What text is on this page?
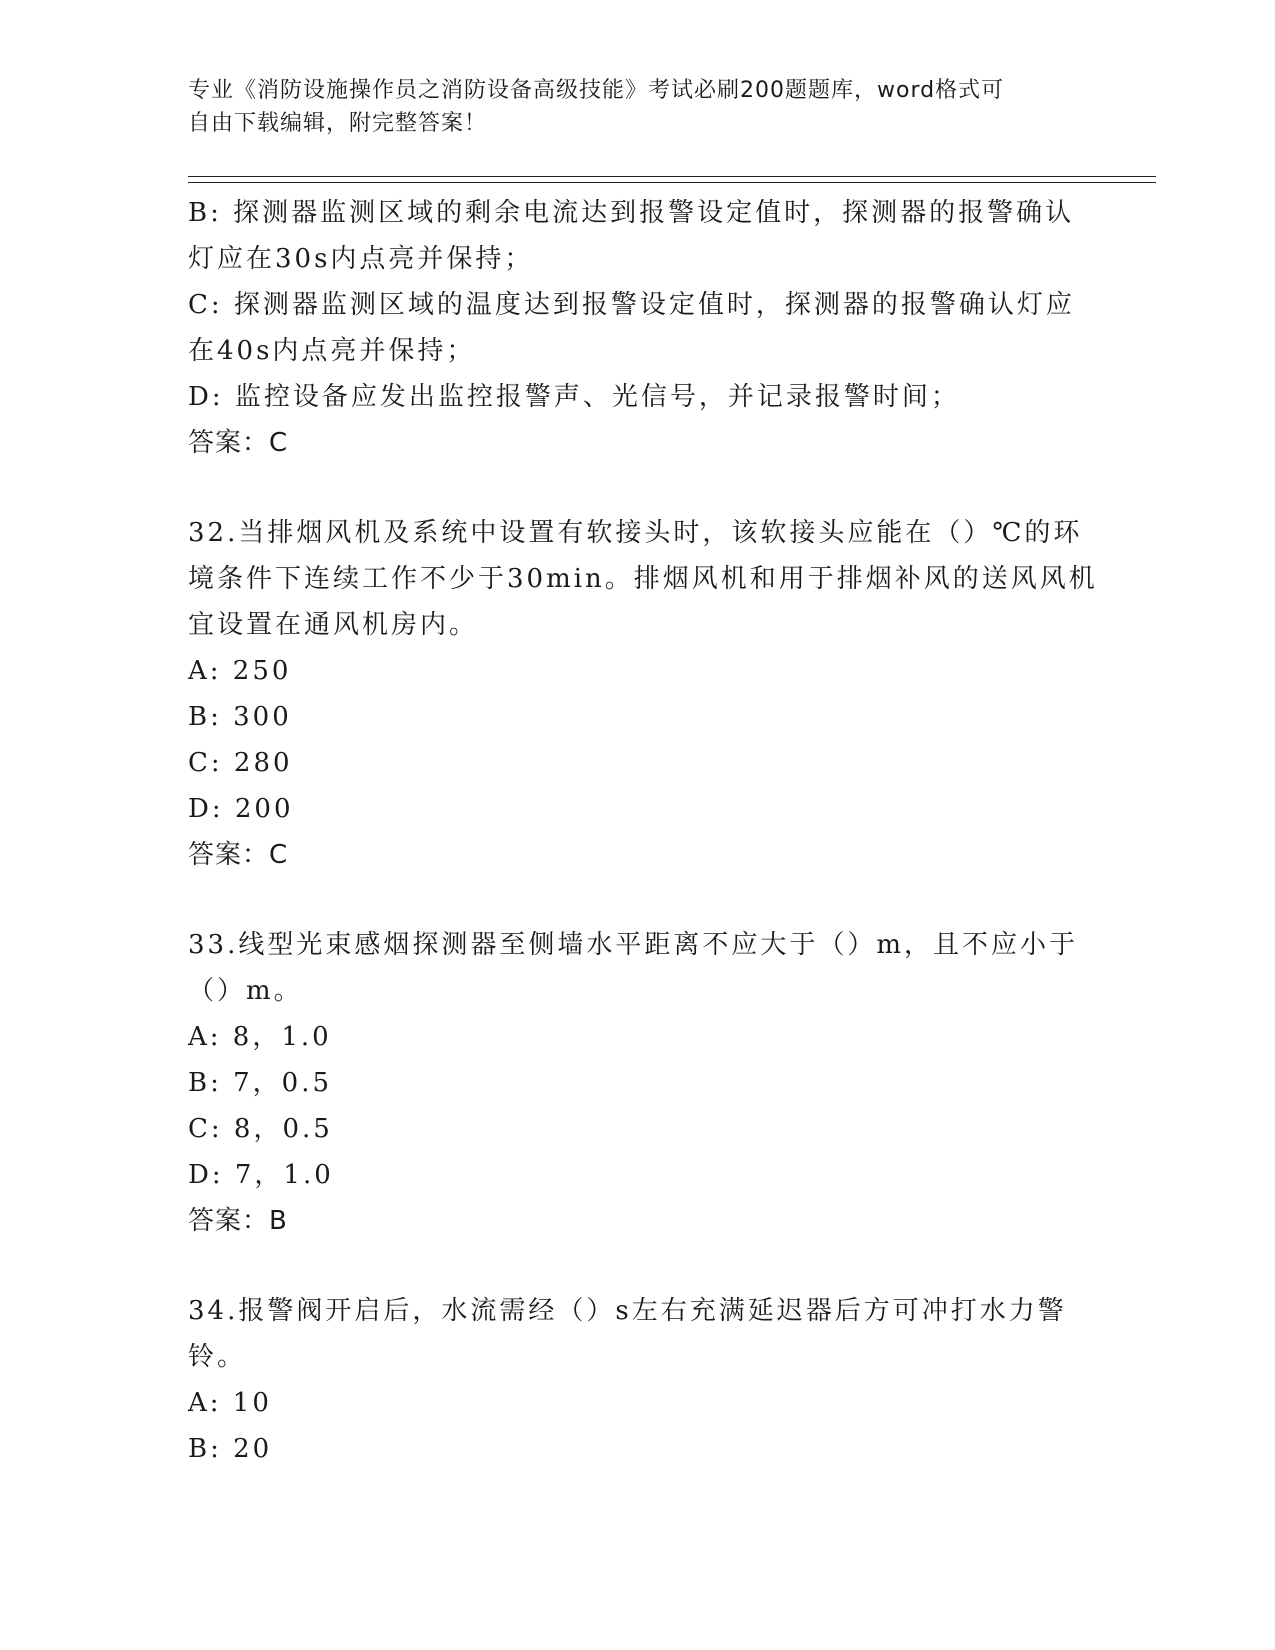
专业《消防设施操作员之消防设备高级技能》考试必刷200题题库，word格式可
自由下载编辑，附完整答案！
B: 探测器监测区域的剩余电流达到报警设定值时，探测器的报警确认
灯应在30s内点亮并保持；
C: 探测器监测区域的温度达到报警设定值时，探测器的报警确认灯应
在40s内点亮并保持；
D: 监控设备应发出监控报警声、光信号，并记录报警时间；
答案：C
32.当排烟风机及系统中设置有软接头时，该软接头应能在（）℃的环
境条件下连续工作不少于30min。排烟风机和用于排烟补风的送风风机
宜设置在通风机房内。
A: 250
B: 300
C: 280
D: 200
答案：C
33.线型光束感烟探测器至侧墙水平距离不应大于（）m，且不应小于
（）m。
A: 8，1.0
B: 7，0.5
C: 8，0.5
D: 7，1.0
答案：B
34.报警阀开启后，水流需经（）s左右充满延迟器后方可冲打水力警
铃。
A: 10
B: 20
